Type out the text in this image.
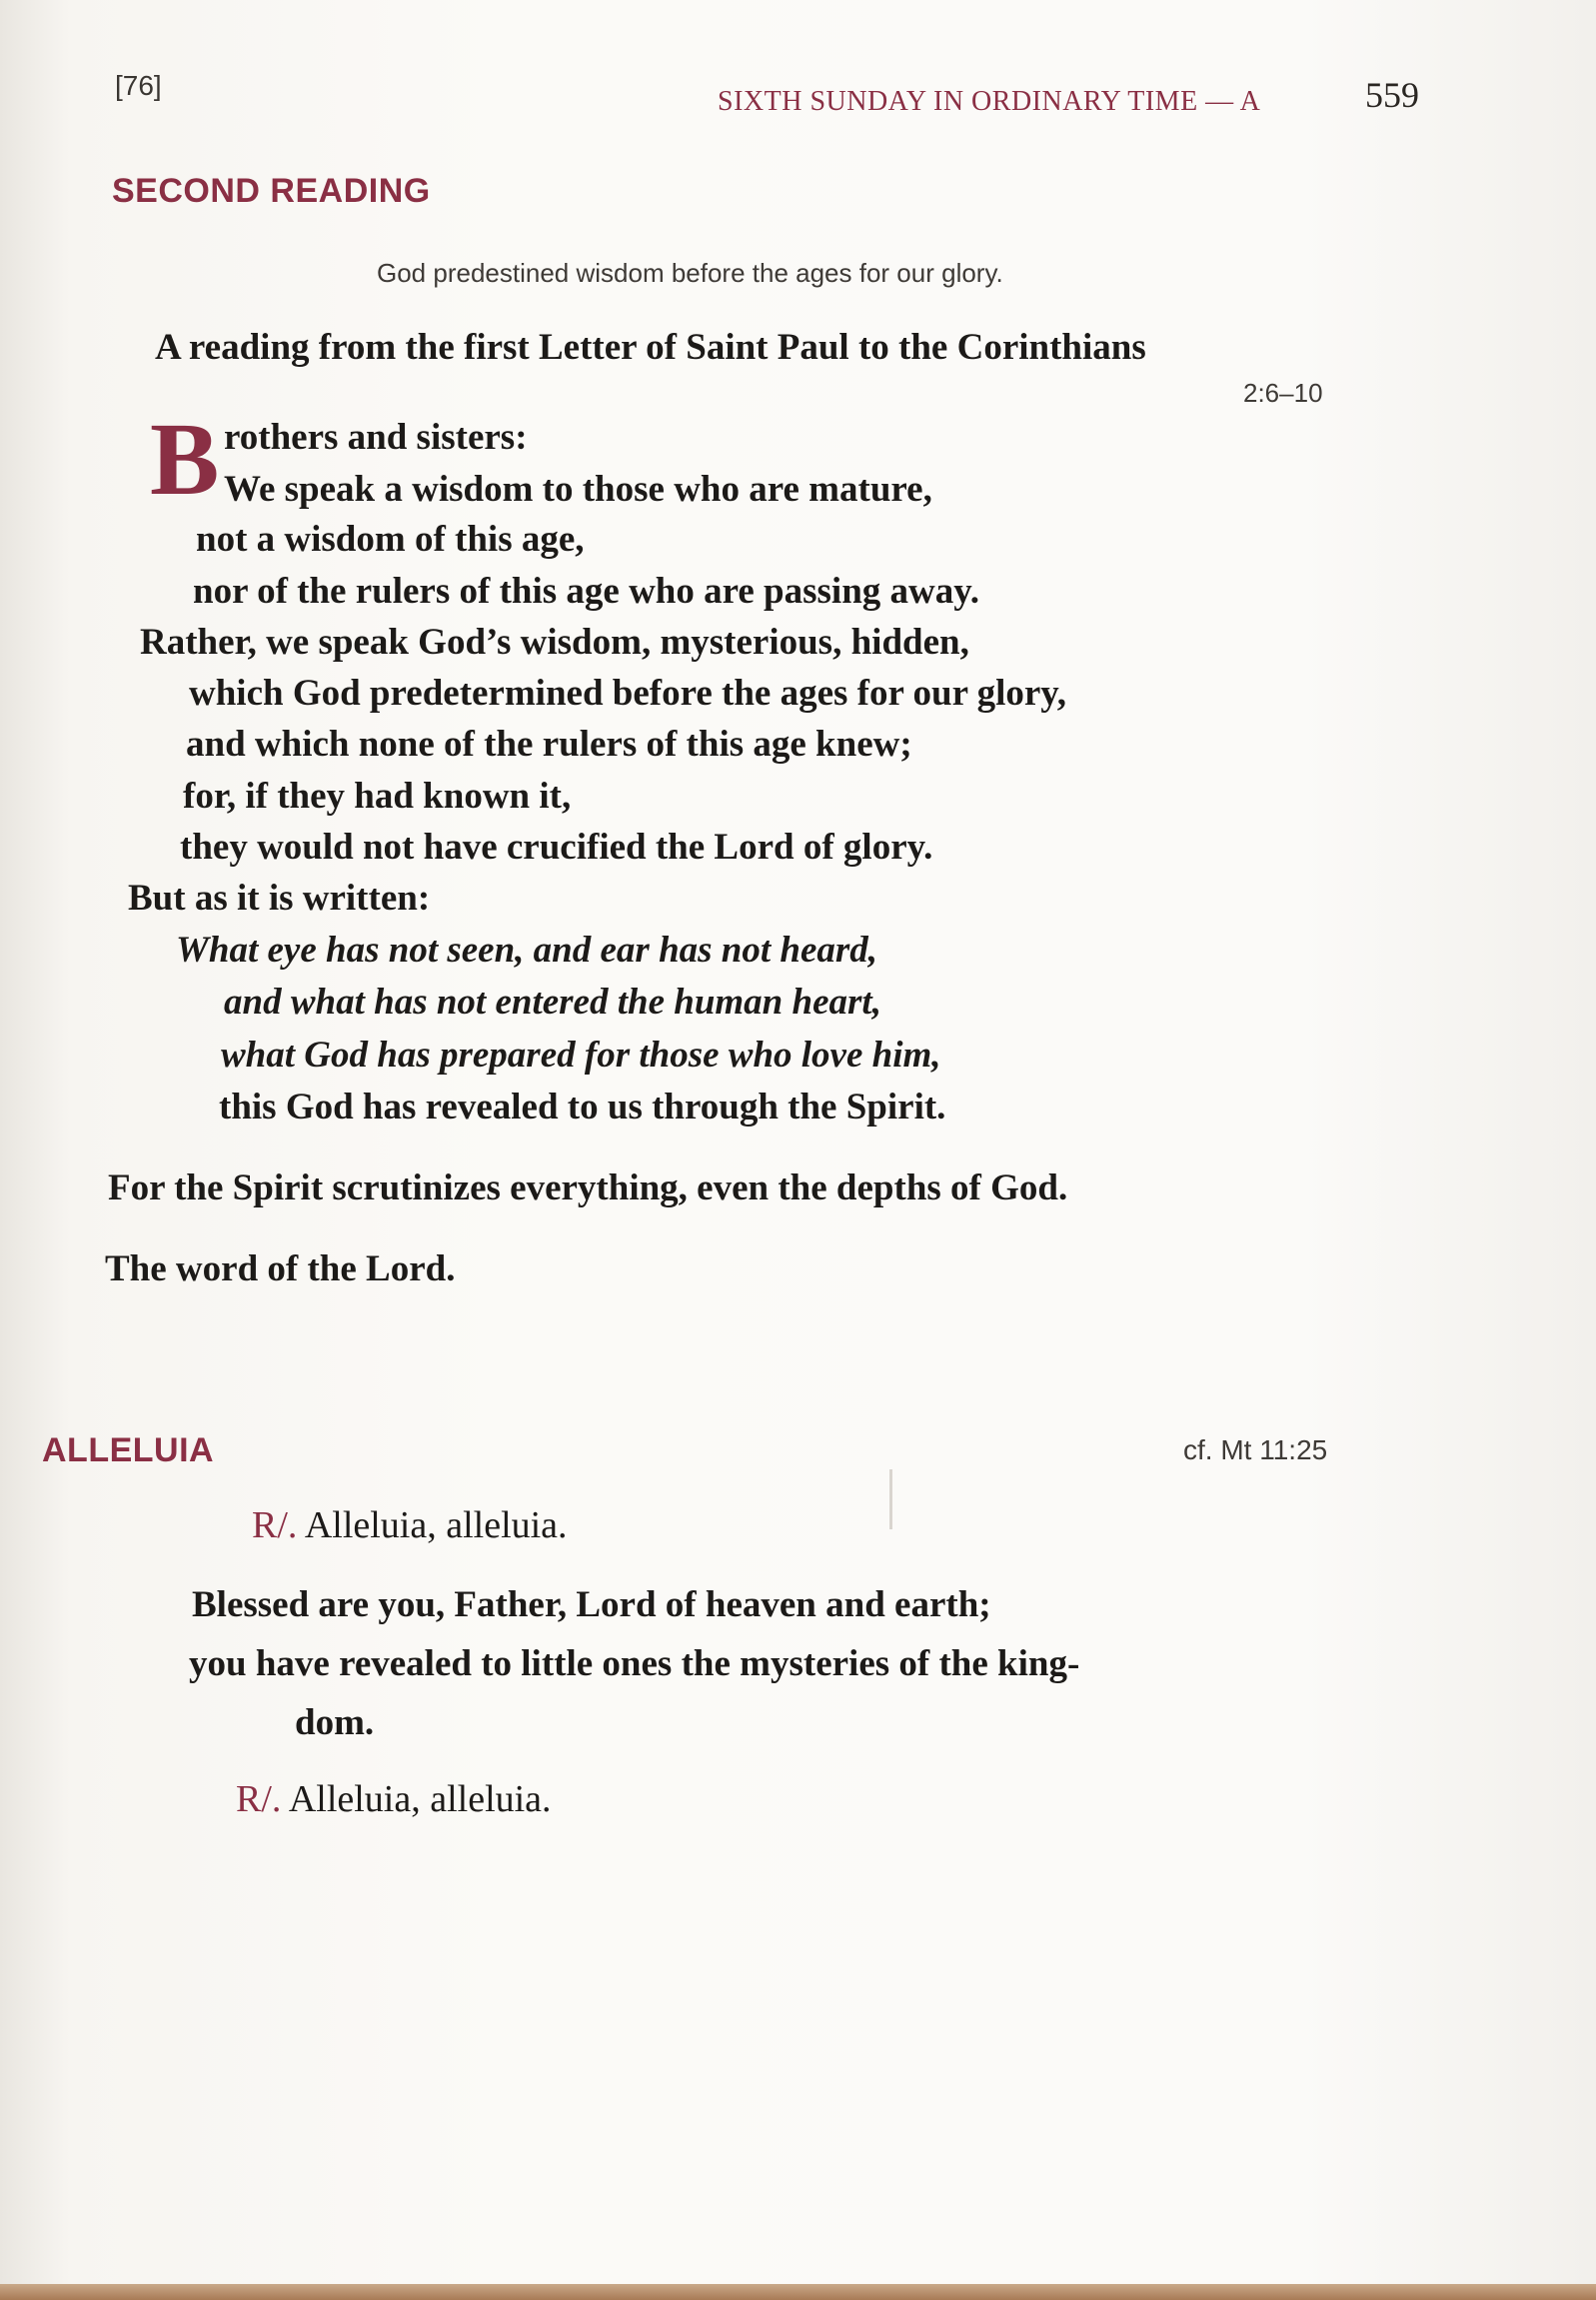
[76]
SIXTH SUNDAY IN ORDINARY TIME — A	559
SECOND READING
God predestined wisdom before the ages for our glory.
A reading from the first Letter of Saint Paul to the Corinthians
2:6–10
B rothers and sisters:
We speak a wisdom to those who are mature,
not a wisdom of this age,
nor of the rulers of this age who are passing away.
Rather, we speak God’s wisdom, mysterious, hidden,
which God predetermined before the ages for our glory,
and which none of the rulers of this age knew;
for, if they had known it,
they would not have crucified the Lord of glory.
But as it is written:
What eye has not seen, and ear has not heard,
and what has not entered the human heart,
what God has prepared for those who love him,
this God has revealed to us through the Spirit.
For the Spirit scrutinizes everything, even the depths of God.
The word of the Lord.
ALLELUIA	cf. Mt 11:25
R/. Alleluia, alleluia.
Blessed are you, Father, Lord of heaven and earth;
you have revealed to little ones the mysteries of the king-
dom.
R/. Alleluia, alleluia.
